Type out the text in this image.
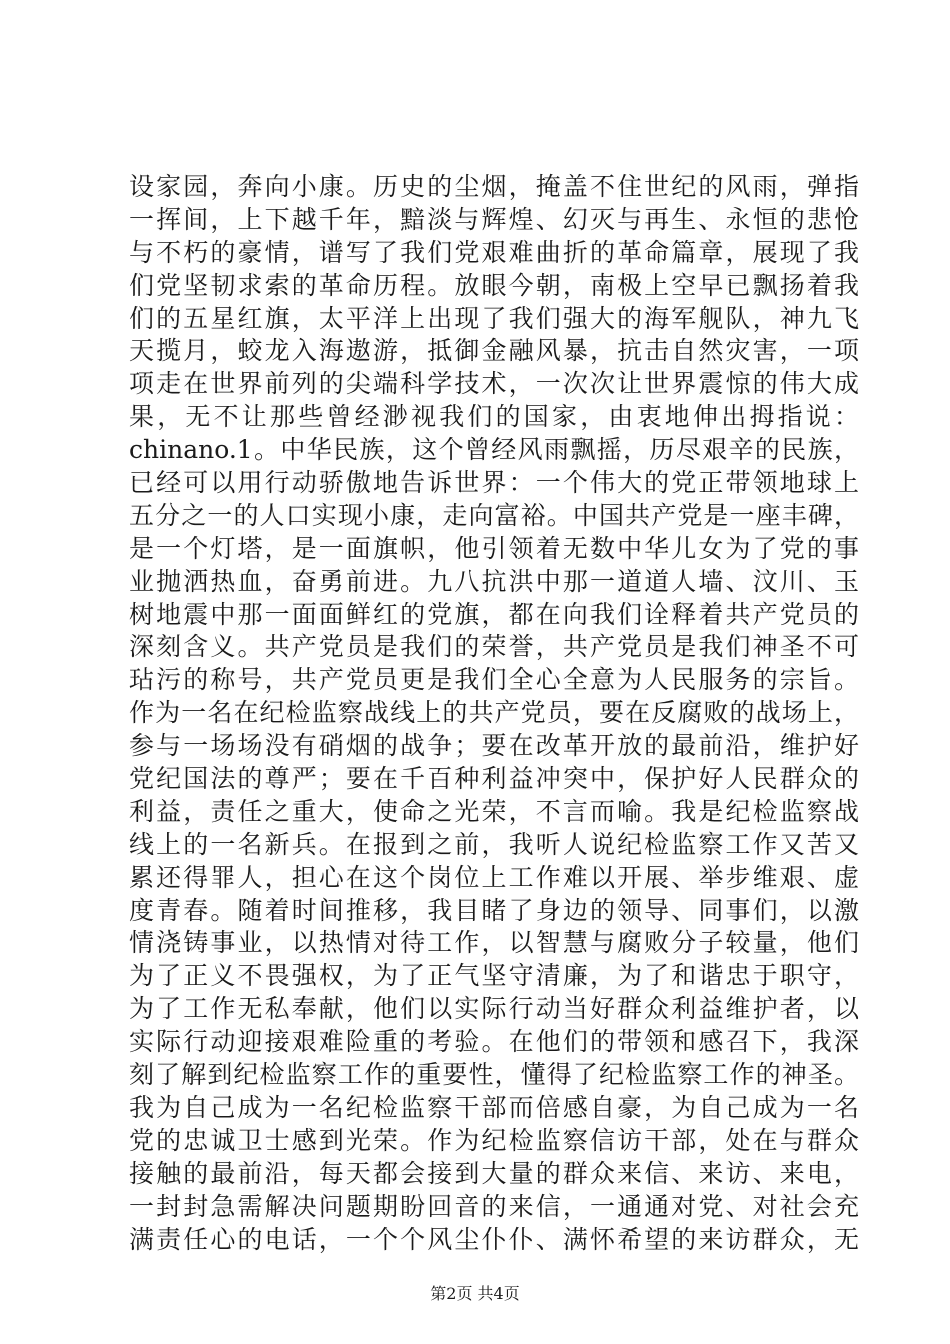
设家园，奔向小康。历史的尘烟，掩盖不住世纪的风雨，弹指
一挥间，上下越千年，黯淡与辉煌、幻灭与再生、永恒的悲怆
与不朽的豪情，谱写了我们党艰难曲折的革命篇章，展现了我
们党坚韧求索的革命历程。放眼今朝，南极上空早已飘扬着我
们的五星红旗，太平洋上出现了我们强大的海军舰队，神九飞
天揽月，蛟龙入海遨游，抵御金融风暴，抗击自然灾害，一项
项走在世界前列的尖端科学技术，一次次让世界震惊的伟大成
果，无不让那些曾经渺视我们的国家，由衷地伸出拇指说：
chinano.1。中华民族，这个曾经风雨飘摇，历尽艰辛的民族，
已经可以用行动骄傲地告诉世界：一个伟大的党正带领地球上
五分之一的人口实现小康，走向富裕。中国共产党是一座丰碑，
是一个灯塔，是一面旗帜，他引领着无数中华儿女为了党的事
业抛洒热血，奋勇前进。九八抗洪中那一道道人墙、汶川、玉
树地震中那一面面鲜红的党旗，都在向我们诠释着共产党员的
深刻含义。共产党员是我们的荣誉，共产党员是我们神圣不可
玷污的称号，共产党员更是我们全心全意为人民服务的宗旨。
作为一名在纪检监察战线上的共产党员，要在反腐败的战场上，
参与一场场没有硝烟的战争；要在改革开放的最前沿，维护好
党纪国法的尊严；要在千百种利益冲突中，保护好人民群众的
利益，责任之重大，使命之光荣，不言而喻。我是纪检监察战
线上的一名新兵。在报到之前，我听人说纪检监察工作又苦又
累还得罪人，担心在这个岗位上工作难以开展、举步维艰、虚
度青春。随着时间推移，我目睹了身边的领导、同事们，以激
情浇铸事业，以热情对待工作，以智慧与腐败分子较量，他们
为了正义不畏强权，为了正气坚守清廉，为了和谐忠于职守，
为了工作无私奉献，他们以实际行动当好群众利益维护者，以
实际行动迎接艰难险重的考验。在他们的带领和感召下，我深
刻了解到纪检监察工作的重要性，懂得了纪检监察工作的神圣。
我为自己成为一名纪检监察干部而倍感自豪，为自己成为一名
党的忠诚卫士感到光荣。作为纪检监察信访干部，处在与群众
接触的最前沿，每天都会接到大量的群众来信、来访、来电，
一封封急需解决问题期盼回音的来信，一通通对党、对社会充
满责任心的电话，一个个风尘仆仆、满怀希望的来访群众，无
第2页 共4页
